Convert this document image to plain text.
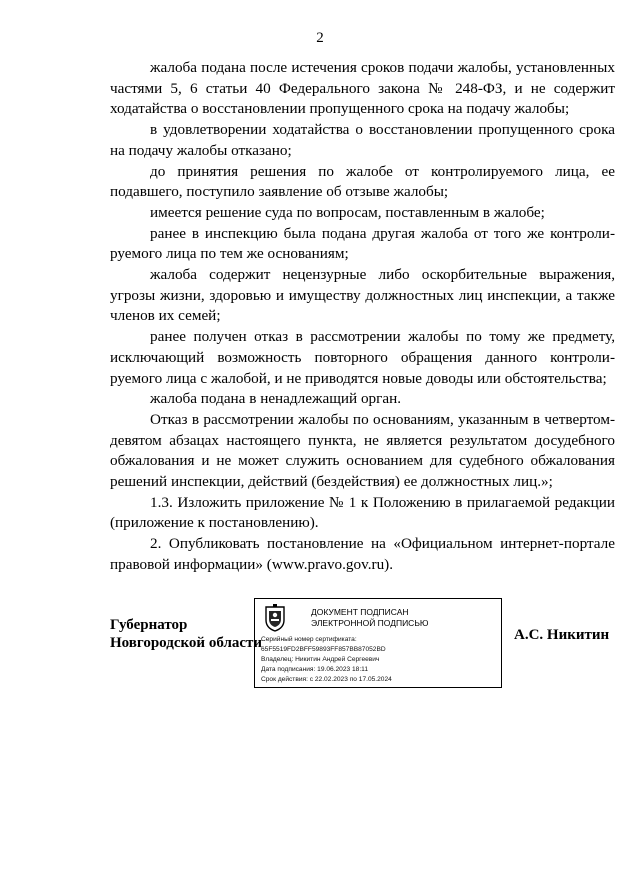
2

жалоба подана после истечения сроков подачи жалобы, установленных частями 5, 6 статьи 40 Федерального закона № 248-ФЗ, и не содержит ходатайства о восстановлении пропущенного срока на подачу жалобы;

в удовлетворении ходатайства о восстановлении пропущенного срока на подачу жалобы отказано;

до принятия решения по жалобе от контролируемого лица, ее подавшего, поступило заявление об отзыве жалобы;

имеется решение суда по вопросам, поставленным в жалобе;

ранее в инспекцию была подана другая жалоба от того же контролируемого лица по тем же основаниям;

жалоба содержит нецензурные либо оскорбительные выражения, угрозы жизни, здоровью и имуществу должностных лиц инспекции, а также членов их семей;

ранее получен отказ в рассмотрении жалобы по тому же предмету, исключающий возможность повторного обращения данного контролируемого лица с жалобой, и не приводятся новые доводы или обстоятельства;

жалоба подана в ненадлежащий орган.

Отказ в рассмотрении жалобы по основаниям, указанным в четвертом-девятом абзацах настоящего пункта, не является результатом досудебного обжалования и не может служить основанием для судебного обжалования решений инспекции, действий (бездействия) ее должностных лиц.»;

1.3. Изложить приложение № 1 к Положению в прилагаемой редакции (приложение к постановлению).

2. Опубликовать постановление на «Официальном интернет-портале правовой информации» (www.pravo.gov.ru).

Губернатор
Новгородской области
ДОКУМЕНТ ПОДПИСАН
ЭЛЕКТРОННОЙ ПОДПИСЬЮ
Серийный номер сертификата:
65F5519FD2BFF59893FF857BB87052BD
Владелец: Никитин Андрей Сергеевич
Дата подписания: 19.06.2023 18:11
Срок действия: с 22.02.2023 по 17.05.2024
А.С. Никитин
